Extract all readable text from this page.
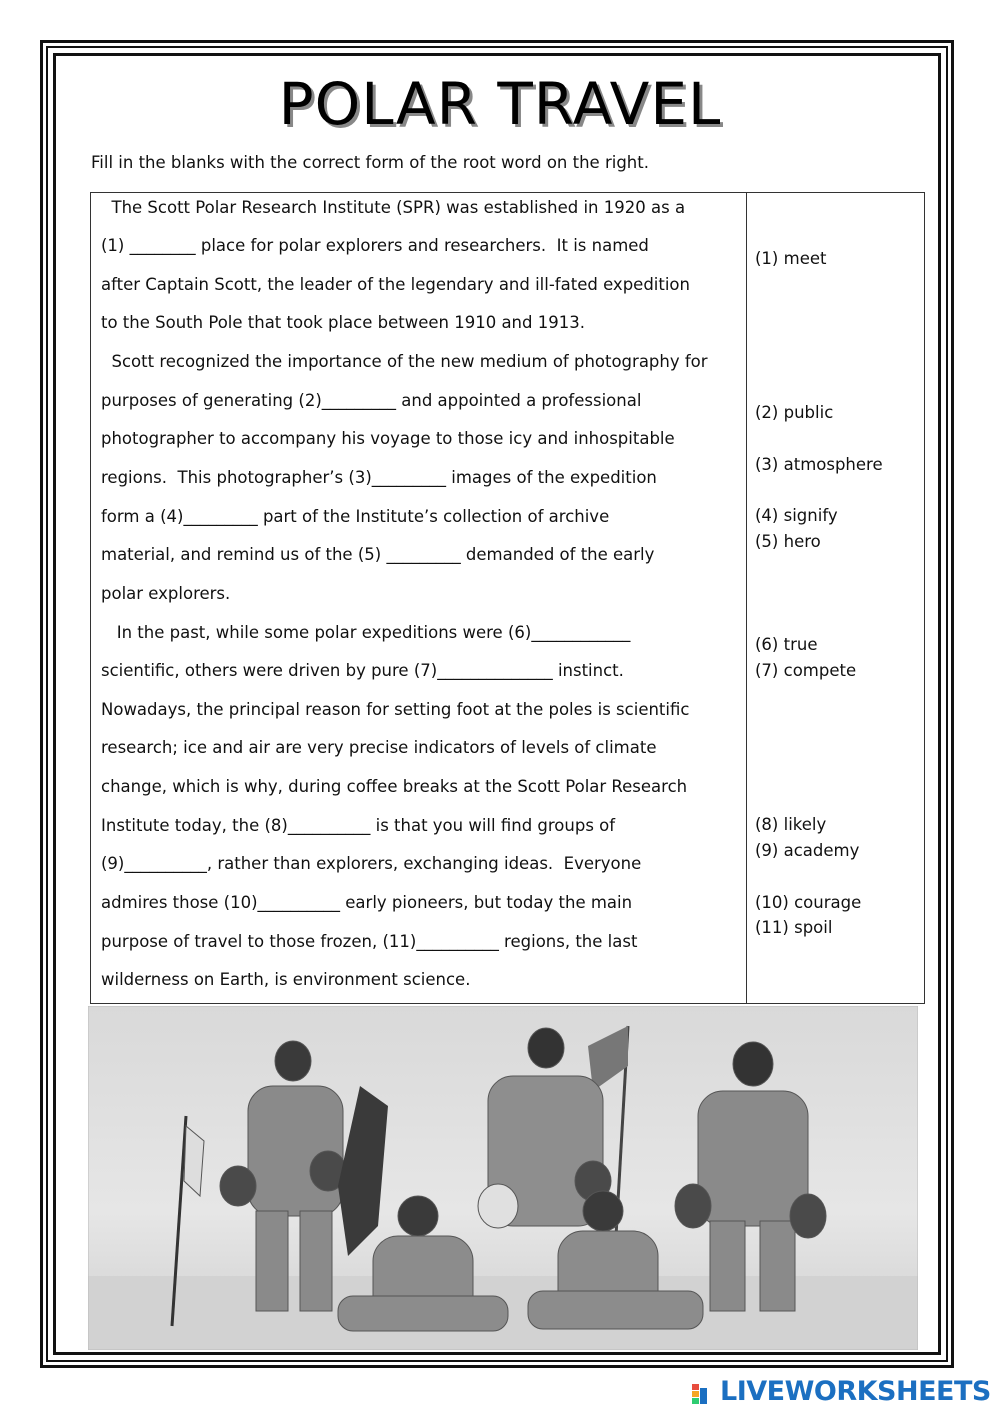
POLAR TRAVEL
Fill in the blanks with the correct form of the root word on the right.
The Scott Polar Research Institute (SPR) was established in 1920 as a
(1) ________ place for polar explorers and researchers.  It is named
after Captain Scott, the leader of the legendary and ill-fated expedition
to the South Pole that took place between 1910 and 1913.
Scott recognized the importance of the new medium of photography for
purposes of generating (2)_________ and appointed a professional
photographer to accompany his voyage to those icy and inhospitable
regions.  This photographer’s (3)_________ images of the expedition
form a (4)_________ part of the Institute’s collection of archive
material, and remind us of the (5) _________ demanded of the early
polar explorers.
In the past, while some polar expeditions were (6)____________
scientific, others were driven by pure (7)______________ instinct.
Nowadays, the principal reason for setting foot at the poles is scientific
research; ice and air are very precise indicators of levels of climate
change, which is why, during coffee breaks at the Scott Polar Research
Institute today, the (8)__________ is that you will find groups of
(9)__________, rather than explorers, exchanging ideas.  Everyone
admires those (10)__________ early pioneers, but today the main
purpose of travel to those frozen, (11)__________ regions, the last
wilderness on Earth, is environment science.
(1) meet
(2) public
(3) atmosphere
(4) signify
(5) hero
(6) true
(7) compete
(8) likely
(9) academy
(10) courage
(11) spoil
LIVEWORKSHEETS
